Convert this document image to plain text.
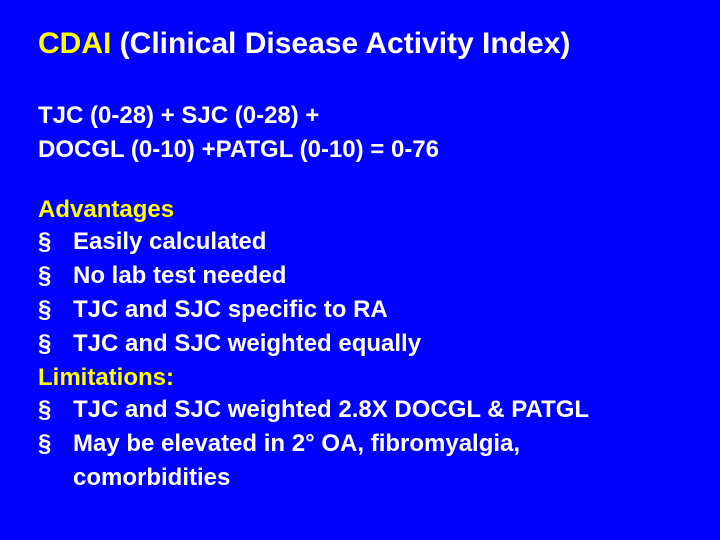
CDAI (Clinical Disease Activity Index)
TJC (0-28) + SJC (0-28) +
DOCGL (0-10) +PATGL (0-10) = 0-76
Advantages
§ Easily calculated
§ No lab test needed
§ TJC and SJC specific to RA
§ TJC and SJC weighted equally
Limitations:
§ TJC and SJC weighted 2.8X DOCGL & PATGL
§ May be elevated in 2° OA, fibromyalgia,
comorbidities
